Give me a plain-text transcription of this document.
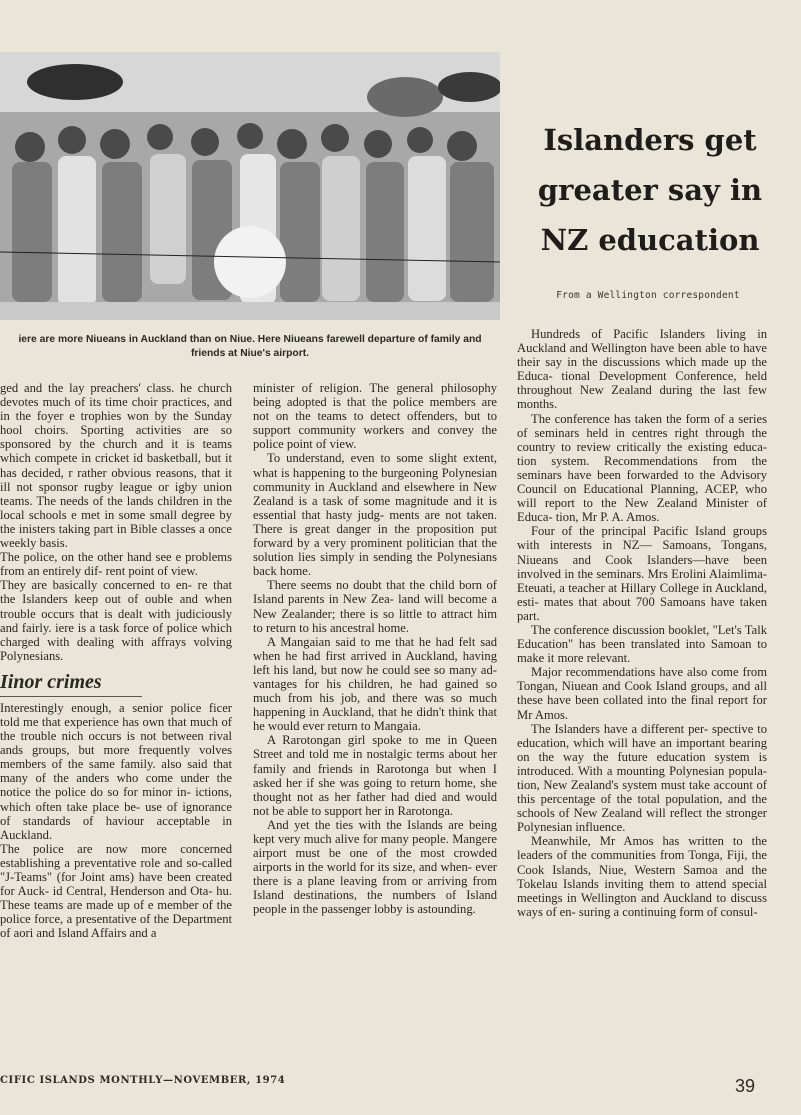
Islanders get greater say in NZ education
From a Wellington correspondent
iere are more Niueans in Auckland than on Niue. Here Niueans farewell departure of family and friends at Niue's airport.

ged and the lay preachers' class. he church devotes much of its time choir practices, and in the foyer e trophies won by the Sunday hool choirs. Sporting activities are so sponsored by the church and it is teams which compete in cricket id basketball, but it has decided, r rather obvious reasons, that it ill not sponsor rugby league or igby union teams. The needs of the lands children in the local schools e met in some small degree by the inisters taking part in Bible classes a once weekly basis.

The police, on the other hand see e problems from an entirely dif- rent point of view.

They are basically concerned to en- re that the Islanders keep out of ouble and when trouble occurs that is dealt with judiciously and fairly. iere is a task force of police which charged with dealing with affrays volving Polynesians.

Iinor crimes

Interestingly enough, a senior police ficer told me that experience has own that much of the trouble nich occurs is not between rival ands groups, but more frequently volves members of the same family. also said that many of the anders who come under the notice the police do so for minor in- ictions, which often take place be- use of ignorance of standards of haviour acceptable in Auckland.

The police are now more concerned establishing a preventative role and so-called "J-Teams" (for Joint ams) have been created for Auck- id Central, Henderson and Ota- hu. These teams are made up of e member of the police force, a presentative of the Department of aori and Island Affairs and a

minister of religion. The general philosophy being adopted is that the police members are not on the teams to detect offenders, but to support community workers and convey the police point of view.

To understand, even to some slight extent, what is happening to the burgeoning Polynesian community in Auckland and elsewhere in New Zealand is a task of some magnitude and it is essential that hasty judg- ments are not taken. There is great danger in the proposition put forward by a very prominent politician that the solution lies simply in sending the Polynesians back home.

There seems no doubt that the child born of Island parents in New Zea- land will become a New Zealander; there is so little to attract him to return to his ancestral home.

A Mangaian said to me that he had felt sad when he had first arrived in Auckland, having left his land, but now he could see so many ad- vantages for his children, he had gained so much from his job, and there was so much happening in Auckland, that he didn't think that he would ever return to Mangaia.

A Rarotongan girl spoke to me in Queen Street and told me in nostalgic terms about her family and friends in Rarotonga but when I asked her if she was going to return home, she thought not as her father had died and would not be able to support her in Rarotonga.

And yet the ties with the Islands are being kept very much alive for many people. Mangere airport must be one of the most crowded airports in the world for its size, and when- ever there is a plane leaving from or arriving from Island destinations, the numbers of Island people in the passenger lobby is astounding.

Hundreds of Pacific Islanders living in Auckland and Wellington have been able to have their say in the discussions which made up the Educa- tional Development Conference, held throughout New Zealand during the last few months.

The conference has taken the form of a series of seminars held in centres right through the country to review critically the existing educa- tion system. Recommendations from the seminars have been forwarded to the Advisory Council on Educational Planning, ACEP, who will report to the New Zealand Minister of Educa- tion, Mr P. A. Amos.

Four of the principal Pacific Island groups with interests in NZ— Samoans, Tongans, Niueans and Cook Islanders—have been involved in the seminars. Mrs Erolini Alaimlima-Eteuati, a teacher at Hillary College in Auckland, esti- mates that about 700 Samoans have taken part.

The conference discussion booklet, "Let's Talk Education" has been translated into Samoan to make it more relevant.

Major recommendations have also come from Tongan, Niuean and Cook Island groups, and all these have been collated into the final report for Mr Amos.

The Islanders have a different per- spective to education, which will have an important bearing on the way the future education system is introduced. With a mounting Polynesian popula- tion, New Zealand's system must take account of this percentage of the total population, and the schools of New Zealand will reflect the stronger Polynesian influence.

Meanwhile, Mr Amos has written to the leaders of the communities from Tonga, Fiji, the Cook Islands, Niue, Western Samoa and the Tokelau Islands inviting them to attend special meetings in Wellington and Auckland to discuss ways of en- suring a continuing form of consul-

CIFIC ISLANDS MONTHLY—NOVEMBER, 1974	39
